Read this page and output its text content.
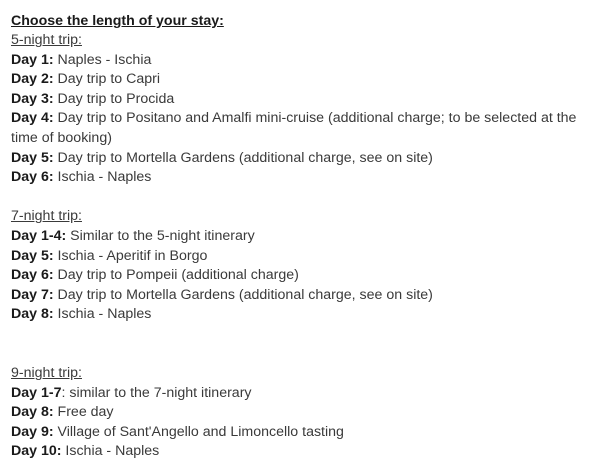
Choose the length of your stay:
5-night trip:
Day 1: Naples - Ischia
Day 2: Day trip to Capri
Day 3: Day trip to Procida
Day 4: Day trip to Positano and Amalfi mini-cruise (additional charge; to be selected at the time of booking)
Day 5: Day trip to Mortella Gardens (additional charge, see on site)
Day 6: Ischia - Naples
7-night trip:
Day 1-4: Similar to the 5-night itinerary
Day 5: Ischia - Aperitif in Borgo
Day 6: Day trip to Pompeii (additional charge)
Day 7: Day trip to Mortella Gardens (additional charge, see on site)
Day 8: Ischia - Naples
9-night trip:
Day 1-7: similar to the 7-night itinerary
Day 8: Free day
Day 9: Village of Sant'Angello and Limoncello tasting
Day 10: Ischia - Naples
